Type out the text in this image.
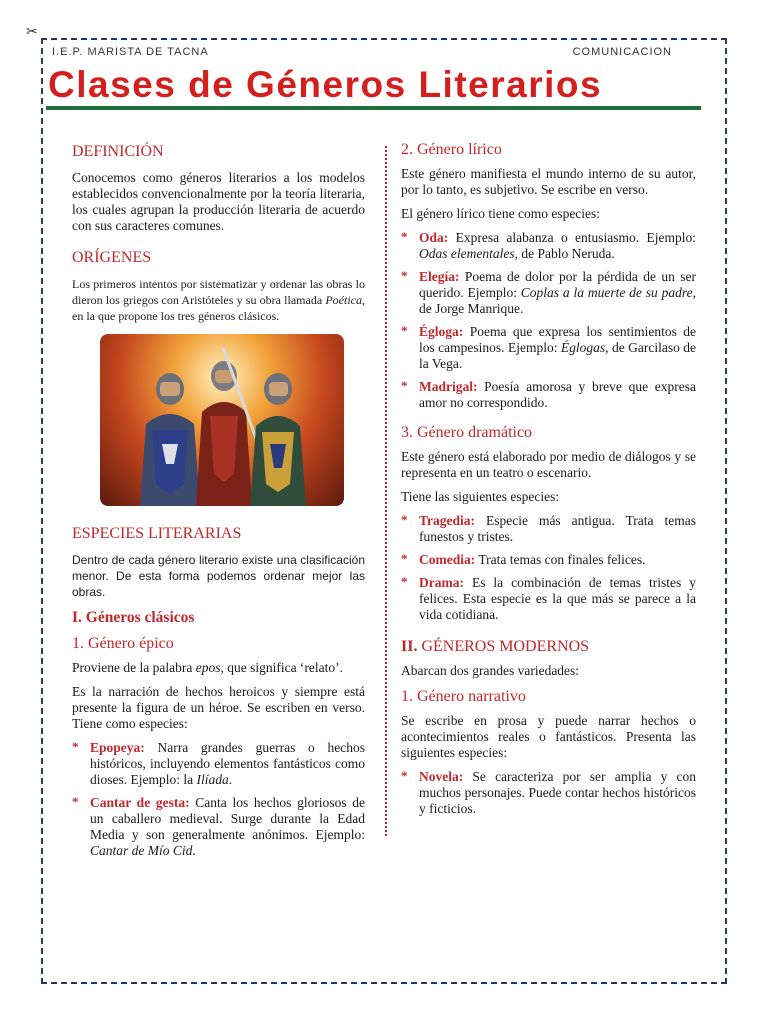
✂
I.E.P. MARISTA DE TACNA	COMUNICACION
Clases de Géneros Literarios
DEFINICIÓN

Conocemos como géneros literarios a los modelos establecidos convencionalmente por la teoría literaria, los cuales agrupan la producción literaria de acuerdo con sus caracteres comunes.

ORÍGENES

Los primeros intentos por sistematizar y ordenar las obras lo dieron los griegos con Aristóteles y su obra llamada Poética, en la que propone los tres géneros clásicos.

ESPECIES LITERARIAS

Dentro de cada género literario existe una clasificación menor. De esta forma podemos ordenar mejor las obras.

I. Géneros clásicos
1. Género épico

Proviene de la palabra epos, que significa ‘relato’.

Es la narración de hechos heroicos y siempre está presente la figura de un héroe. Se escriben en verso. Tiene como especies:

* Epopeya: Narra grandes guerras o hechos históricos, incluyendo elementos fantásticos como dioses. Ejemplo: la Ilíada.
* Cantar de gesta: Canta los hechos gloriosos de un caballero medieval. Surge durante la Edad Media y son generalmente anónimos. Ejemplo: Cantar de Mío Cid.
2. Género lírico

Este género manifiesta el mundo interno de su autor, por lo tanto, es subjetivo. Se escribe en verso.

El género lírico tiene como especies:

* Oda: Expresa alabanza o entusiasmo. Ejemplo: Odas elementales, de Pablo Neruda.
* Elegía: Poema de dolor por la pérdida de un ser querido. Ejemplo: Coplas a la muerte de su padre, de Jorge Manrique.
* Égloga: Poema que expresa los sentimientos de los campesinos. Ejemplo: Églogas, de Garcilaso de la Vega.
* Madrigal: Poesía amorosa y breve que expresa amor no correspondido.
3. Género dramático

Este género está elaborado por medio de diálogos y se representa en un teatro o escenario.

Tiene las siguientes especies:

* Tragedia: Especie más antigua. Trata temas funestos y tristes.
* Comedia: Trata temas con finales felices.
* Drama: Es la combinación de temas tristes y felices. Esta especie es la que más se parece a la vida cotidiana.
II. GÉNEROS MODERNOS

Abarcan dos grandes variedades:

1. Género narrativo

Se escribe en prosa y puede narrar hechos o acontecimientos reales o fantásticos. Presenta las siguientes especies:

* Novela: Se caracteriza por ser amplia y con muchos personajes. Puede contar hechos históricos y ficticios.
